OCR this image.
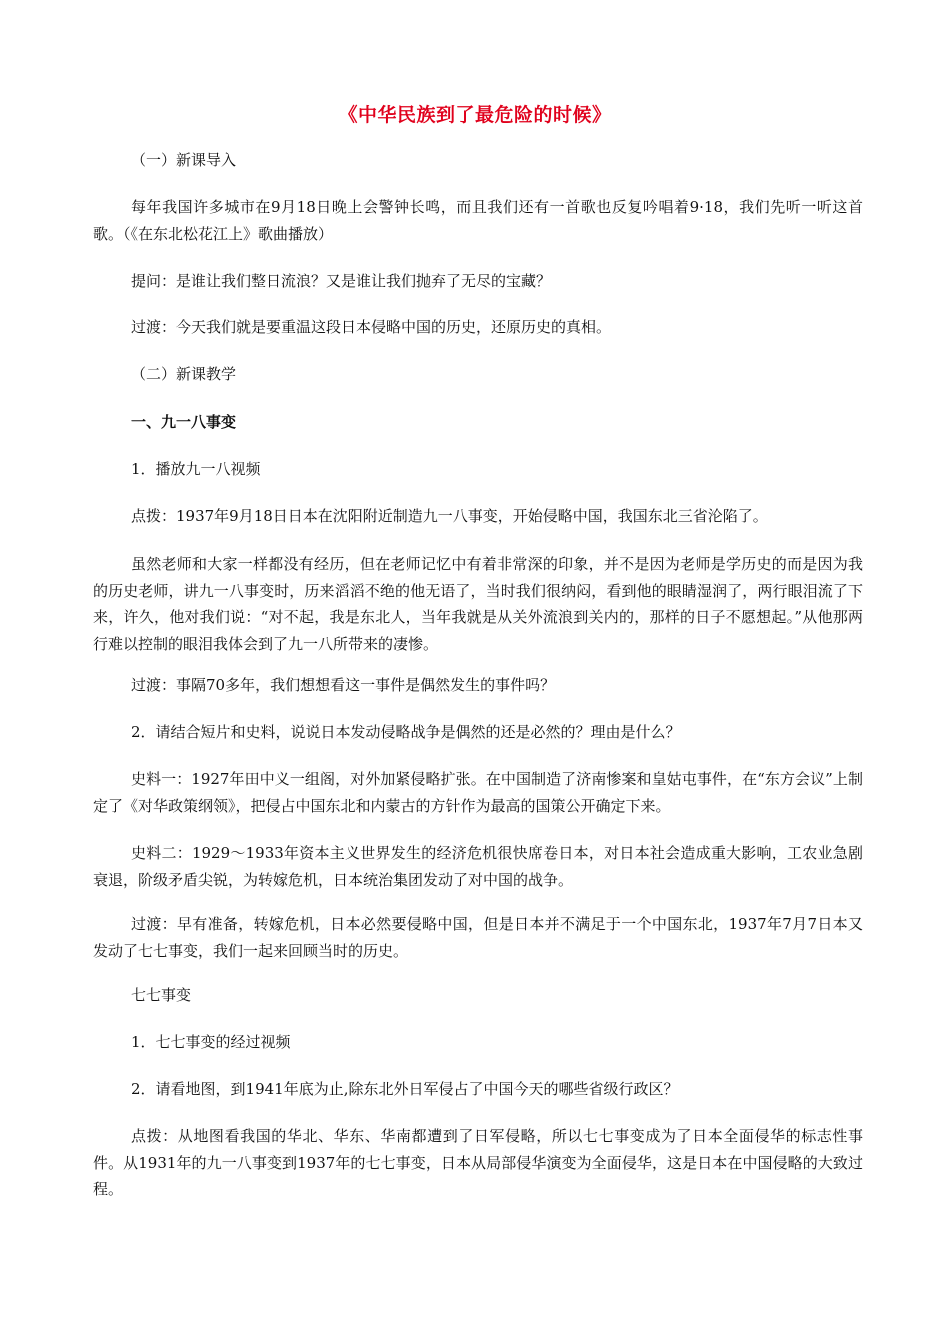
《中华民族到了最危险的时候》

（一）新课导入

每年我国许多城市在9月18日晚上会警钟长鸣，而且我们还有一首歌也反复吟唱着9·18，我们先听一听这首歌。（《在东北松花江上》歌曲播放）

提问：是谁让我们整日流浪？又是谁让我们抛弃了无尽的宝藏？

过渡：今天我们就是要重温这段日本侵略中国的历史，还原历史的真相。

（二）新课教学

一、九一八事变

1．播放九一八视频

点拨：1937年9月18日日本在沈阳附近制造九一八事变，开始侵略中国，我国东北三省沦陷了。

虽然老师和大家一样都没有经历，但在老师记忆中有着非常深的印象，并不是因为老师是学历史的而是因为我的历史老师，讲九一八事变时，历来滔滔不绝的他无语了，当时我们很纳闷，看到他的眼睛湿润了，两行眼泪流了下来，许久，他对我们说：“对不起，我是东北人，当年我就是从关外流浪到关内的，那样的日子不愿想起。”从他那两行难以控制的眼泪我体会到了九一八所带来的凄惨。

过渡：事隔70多年，我们想想看这一事件是偶然发生的事件吗？

2．请结合短片和史料，说说日本发动侵略战争是偶然的还是必然的？理由是什么？

史料一：1927年田中义一组阁，对外加紧侵略扩张。在中国制造了济南惨案和皇姑屯事件，在“东方会议”上制定了《对华政策纲领》，把侵占中国东北和内蒙古的方针作为最高的国策公开确定下来。

史料二：1929～1933年资本主义世界发生的经济危机很快席卷日本，对日本社会造成重大影响，工农业急剧衰退，阶级矛盾尖锐，为转嫁危机，日本统治集团发动了对中国的战争。

过渡：早有准备，转嫁危机，日本必然要侵略中国，但是日本并不满足于一个中国东北，1937年7月7日本又发动了七七事变，我们一起来回顾当时的历史。

七七事变

1．七七事变的经过视频

2．请看地图，到1941年底为止,除东北外日军侵占了中国今天的哪些省级行政区？

点拨：从地图看我国的华北、华东、华南都遭到了日军侵略，所以七七事变成为了日本全面侵华的标志性事件。从1931年的九一八事变到1937年的七七事变，日本从局部侵华演变为全面侵华，这是日本在中国侵略的大致过程。
